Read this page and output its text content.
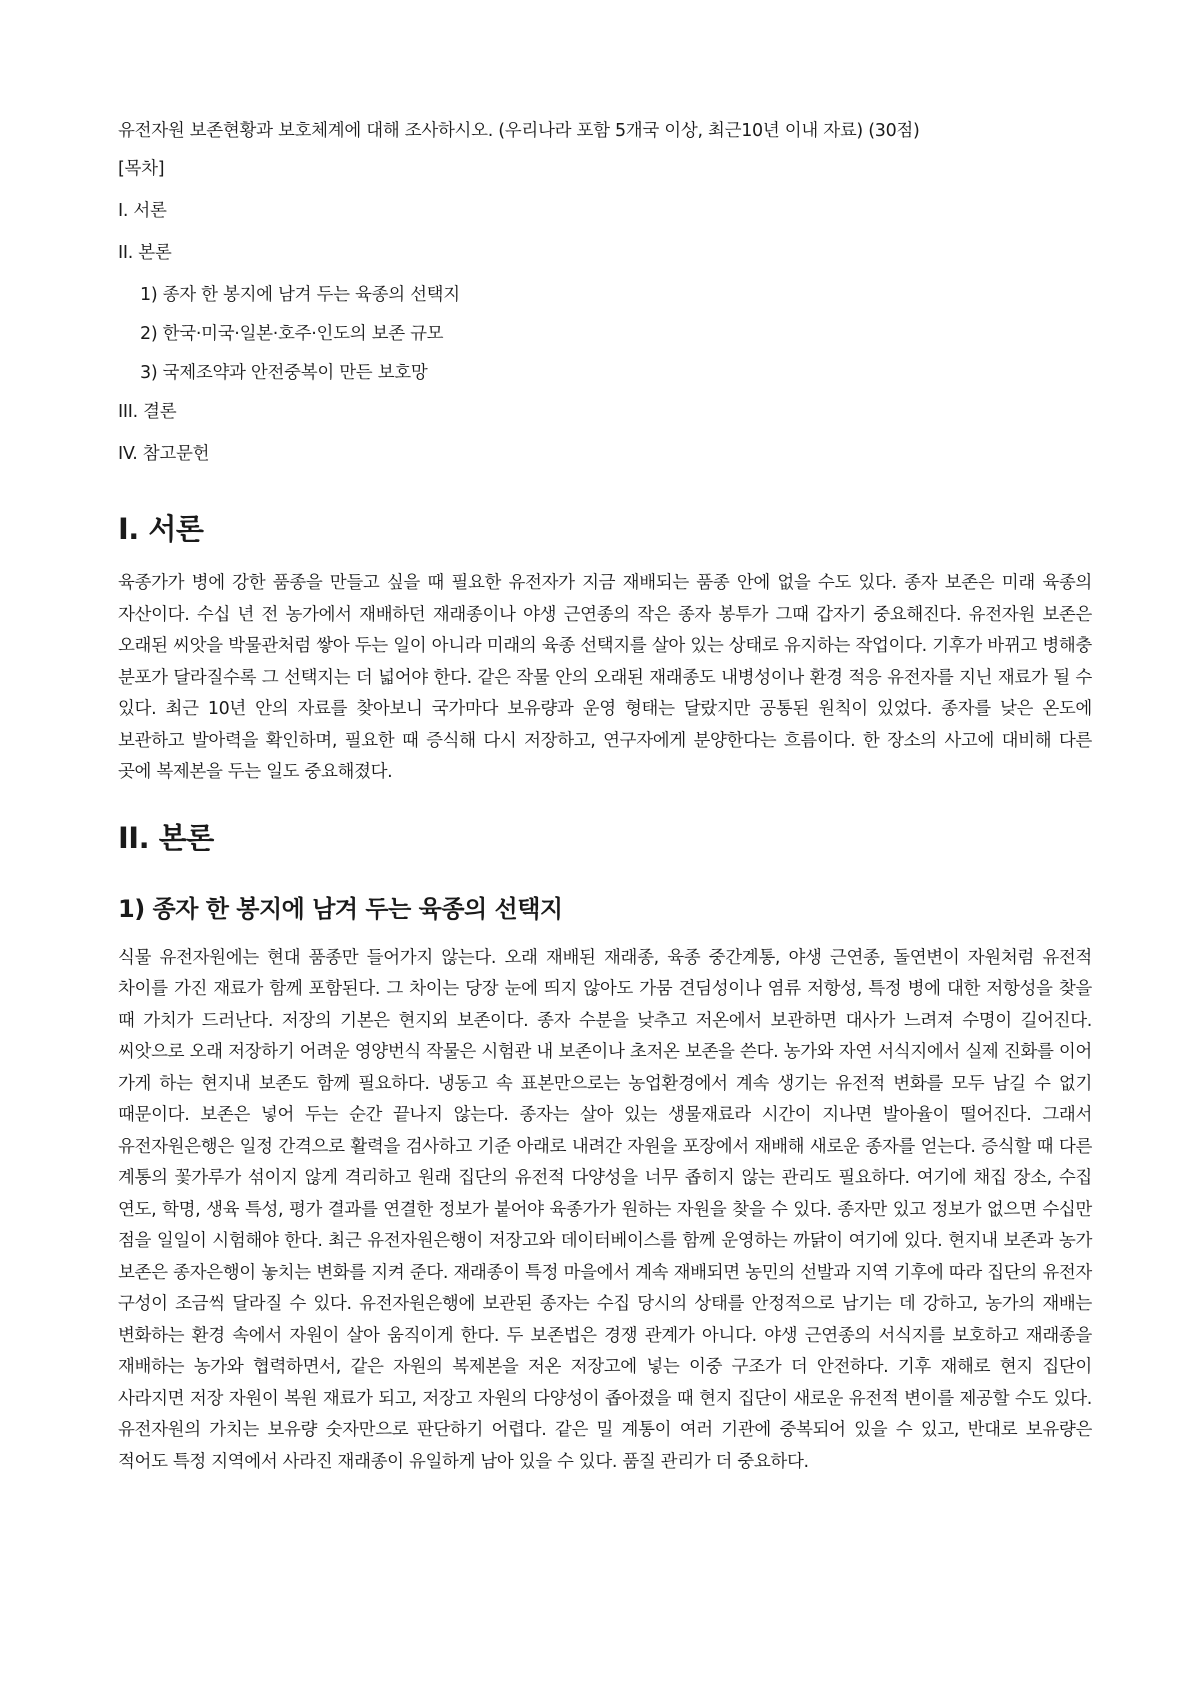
유전자원 보존현황과 보호체계에 대해 조사하시오. (우리나라 포함 5개국 이상, 최근10년 이내 자료) (30점)
[목차]
I. 서론
II. 본론
1) 종자 한 봉지에 남겨 두는 육종의 선택지
2) 한국·미국·일본·호주·인도의 보존 규모
3) 국제조약과 안전중복이 만든 보호망
III. 결론
IV. 참고문헌
I. 서론

육종가가 병에 강한 품종을 만들고 싶을 때 필요한 유전자가 지금 재배되는 품종 안에 없을 수도 있다. 종자 보존은 미래 육종의 자산이다. 수십 년 전 농가에서 재배하던 재래종이나 야생 근연종의 작은 종자 봉투가 그때 갑자기 중요해진다. 유전자원 보존은 오래된 씨앗을 박물관처럼 쌓아 두는 일이 아니라 미래의 육종 선택지를 살아 있는 상태로 유지하는 작업이다. 기후가 바뀌고 병해충 분포가 달라질수록 그 선택지는 더 넓어야 한다. 같은 작물 안의 오래된 재래종도 내병성이나 환경 적응 유전자를 지닌 재료가 될 수 있다. 최근 10년 안의 자료를 찾아보니 국가마다 보유량과 운영 형태는 달랐지만 공통된 원칙이 있었다. 종자를 낮은 온도에 보관하고 발아력을 확인하며, 필요한 때 증식해 다시 저장하고, 연구자에게 분양한다는 흐름이다. 한 장소의 사고에 대비해 다른 곳에 복제본을 두는 일도 중요해졌다.

II. 본론
1) 종자 한 봉지에 남겨 두는 육종의 선택지

식물 유전자원에는 현대 품종만 들어가지 않는다. 오래 재배된 재래종, 육종 중간계통, 야생 근연종, 돌연변이 자원처럼 유전적 차이를 가진 재료가 함께 포함된다. 그 차이는 당장 눈에 띄지 않아도 가뭄 견딤성이나 염류 저항성, 특정 병에 대한 저항성을 찾을 때 가치가 드러난다. 저장의 기본은 현지외 보존이다. 종자 수분을 낮추고 저온에서 보관하면 대사가 느려져 수명이 길어진다. 씨앗으로 오래 저장하기 어려운 영양번식 작물은 시험관 내 보존이나 초저온 보존을 쓴다. 농가와 자연 서식지에서 실제 진화를 이어 가게 하는 현지내 보존도 함께 필요하다. 냉동고 속 표본만으로는 농업환경에서 계속 생기는 유전적 변화를 모두 남길 수 없기 때문이다. 보존은 넣어 두는 순간 끝나지 않는다. 종자는 살아 있는 생물재료라 시간이 지나면 발아율이 떨어진다. 그래서 유전자원은행은 일정 간격으로 활력을 검사하고 기준 아래로 내려간 자원을 포장에서 재배해 새로운 종자를 얻는다. 증식할 때 다른 계통의 꽃가루가 섞이지 않게 격리하고 원래 집단의 유전적 다양성을 너무 좁히지 않는 관리도 필요하다. 여기에 채집 장소, 수집 연도, 학명, 생육 특성, 평가 결과를 연결한 정보가 붙어야 육종가가 원하는 자원을 찾을 수 있다. 종자만 있고 정보가 없으면 수십만 점을 일일이 시험해야 한다. 최근 유전자원은행이 저장고와 데이터베이스를 함께 운영하는 까닭이 여기에 있다. 현지내 보존과 농가 보존은 종자은행이 놓치는 변화를 지켜 준다. 재래종이 특정 마을에서 계속 재배되면 농민의 선발과 지역 기후에 따라 집단의 유전자 구성이 조금씩 달라질 수 있다. 유전자원은행에 보관된 종자는 수집 당시의 상태를 안정적으로 남기는 데 강하고, 농가의 재배는 변화하는 환경 속에서 자원이 살아 움직이게 한다. 두 보존법은 경쟁 관계가 아니다. 야생 근연종의 서식지를 보호하고 재래종을 재배하는 농가와 협력하면서, 같은 자원의 복제본을 저온 저장고에 넣는 이중 구조가 더 안전하다. 기후 재해로 현지 집단이 사라지면 저장 자원이 복원 재료가 되고, 저장고 자원의 다양성이 좁아졌을 때 현지 집단이 새로운 유전적 변이를 제공할 수도 있다. 유전자원의 가치는 보유량 숫자만으로 판단하기 어렵다. 같은 밀 계통이 여러 기관에 중복되어 있을 수 있고, 반대로 보유량은 적어도 특정 지역에서 사라진 재래종이 유일하게 남아 있을 수 있다. 품질 관리가 더 중요하다.
